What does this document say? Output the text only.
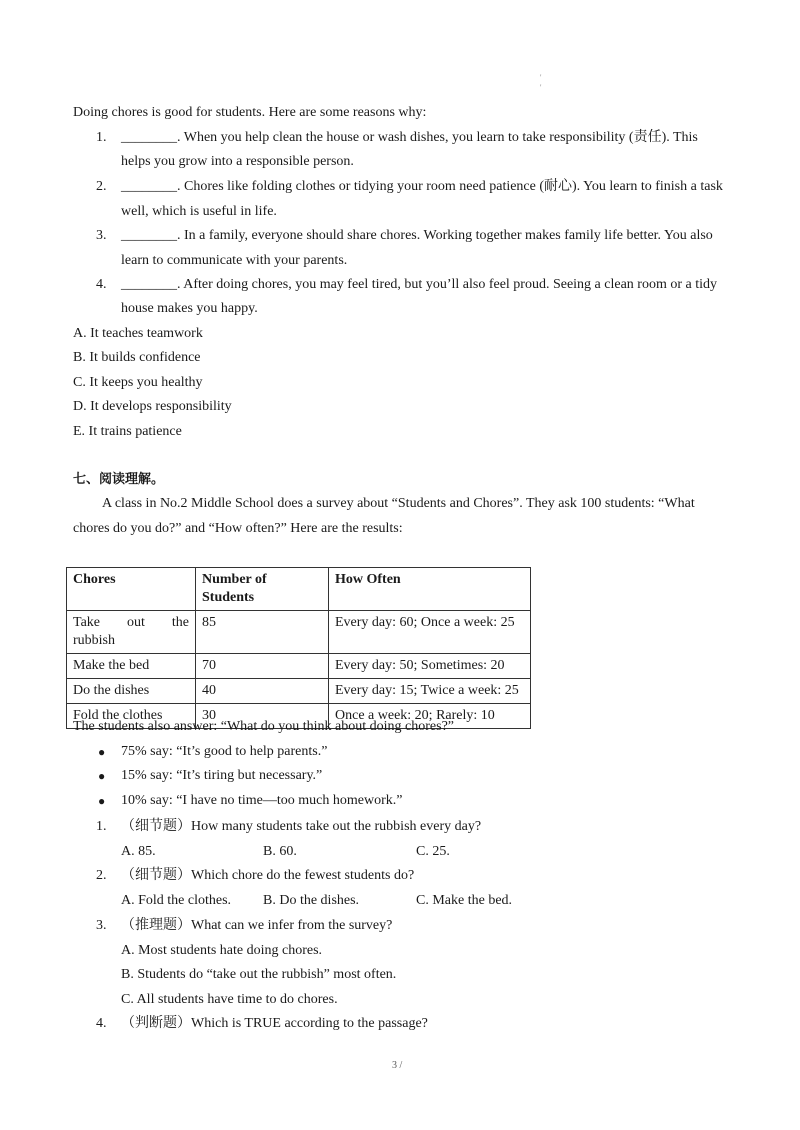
'
'
Doing chores is good for students. Here are some reasons why:
1. ________. When you help clean the house or wash dishes, you learn to take responsibility (责任). This
helps you grow into a responsible person.
2. ________. Chores like folding clothes or tidying your room need patience (耐心). You learn to finish a task
well, which is useful in life.
3. ________. In a family, everyone should share chores. Working together makes family life better. You also
learn to communicate with your parents.
4. ________. After doing chores, you may feel tired, but you’ll also feel proud. Seeing a clean room or a tidy
house makes you happy.
A. It teaches teamwork
B. It builds confidence
C. It keeps you healthy
D. It develops responsibility
E. It trains patience
七、阅读理解。
A class in No.2 Middle School does a survey about “Students and Chores”. They ask 100 students: “What
chores do you do?” and “How often?” Here are the results:
Chores	Number of Students	How Often

Take out the
rubbish	85	Every day: 60; Once a week: 25
Make the bed	70	Every day: 50; Sometimes: 20
Do the dishes	40	Every day: 15; Twice a week: 25
Fold the clothes	30	Once a week: 20; Rarely: 10
The students also answer: “What do you think about doing chores?”
● 75% say: “It’s good to help parents.”
● 15% say: “It’s tiring but necessary.”
● 10% say: “I have no time—too much homework.”
1. （细节题）How many students take out the rubbish every day?
A. 85.	B. 60.	C. 25.
2. （细节题）Which chore do the fewest students do?
A. Fold the clothes. B. Do the dishes.	C. Make the bed.
3. （推理题）What can we infer from the survey?
A. Most students hate doing chores.
B. Students do “take out the rubbish” most often.
C. All students have time to do chores.
4. （判断题）Which is TRUE according to the passage?
3 /
